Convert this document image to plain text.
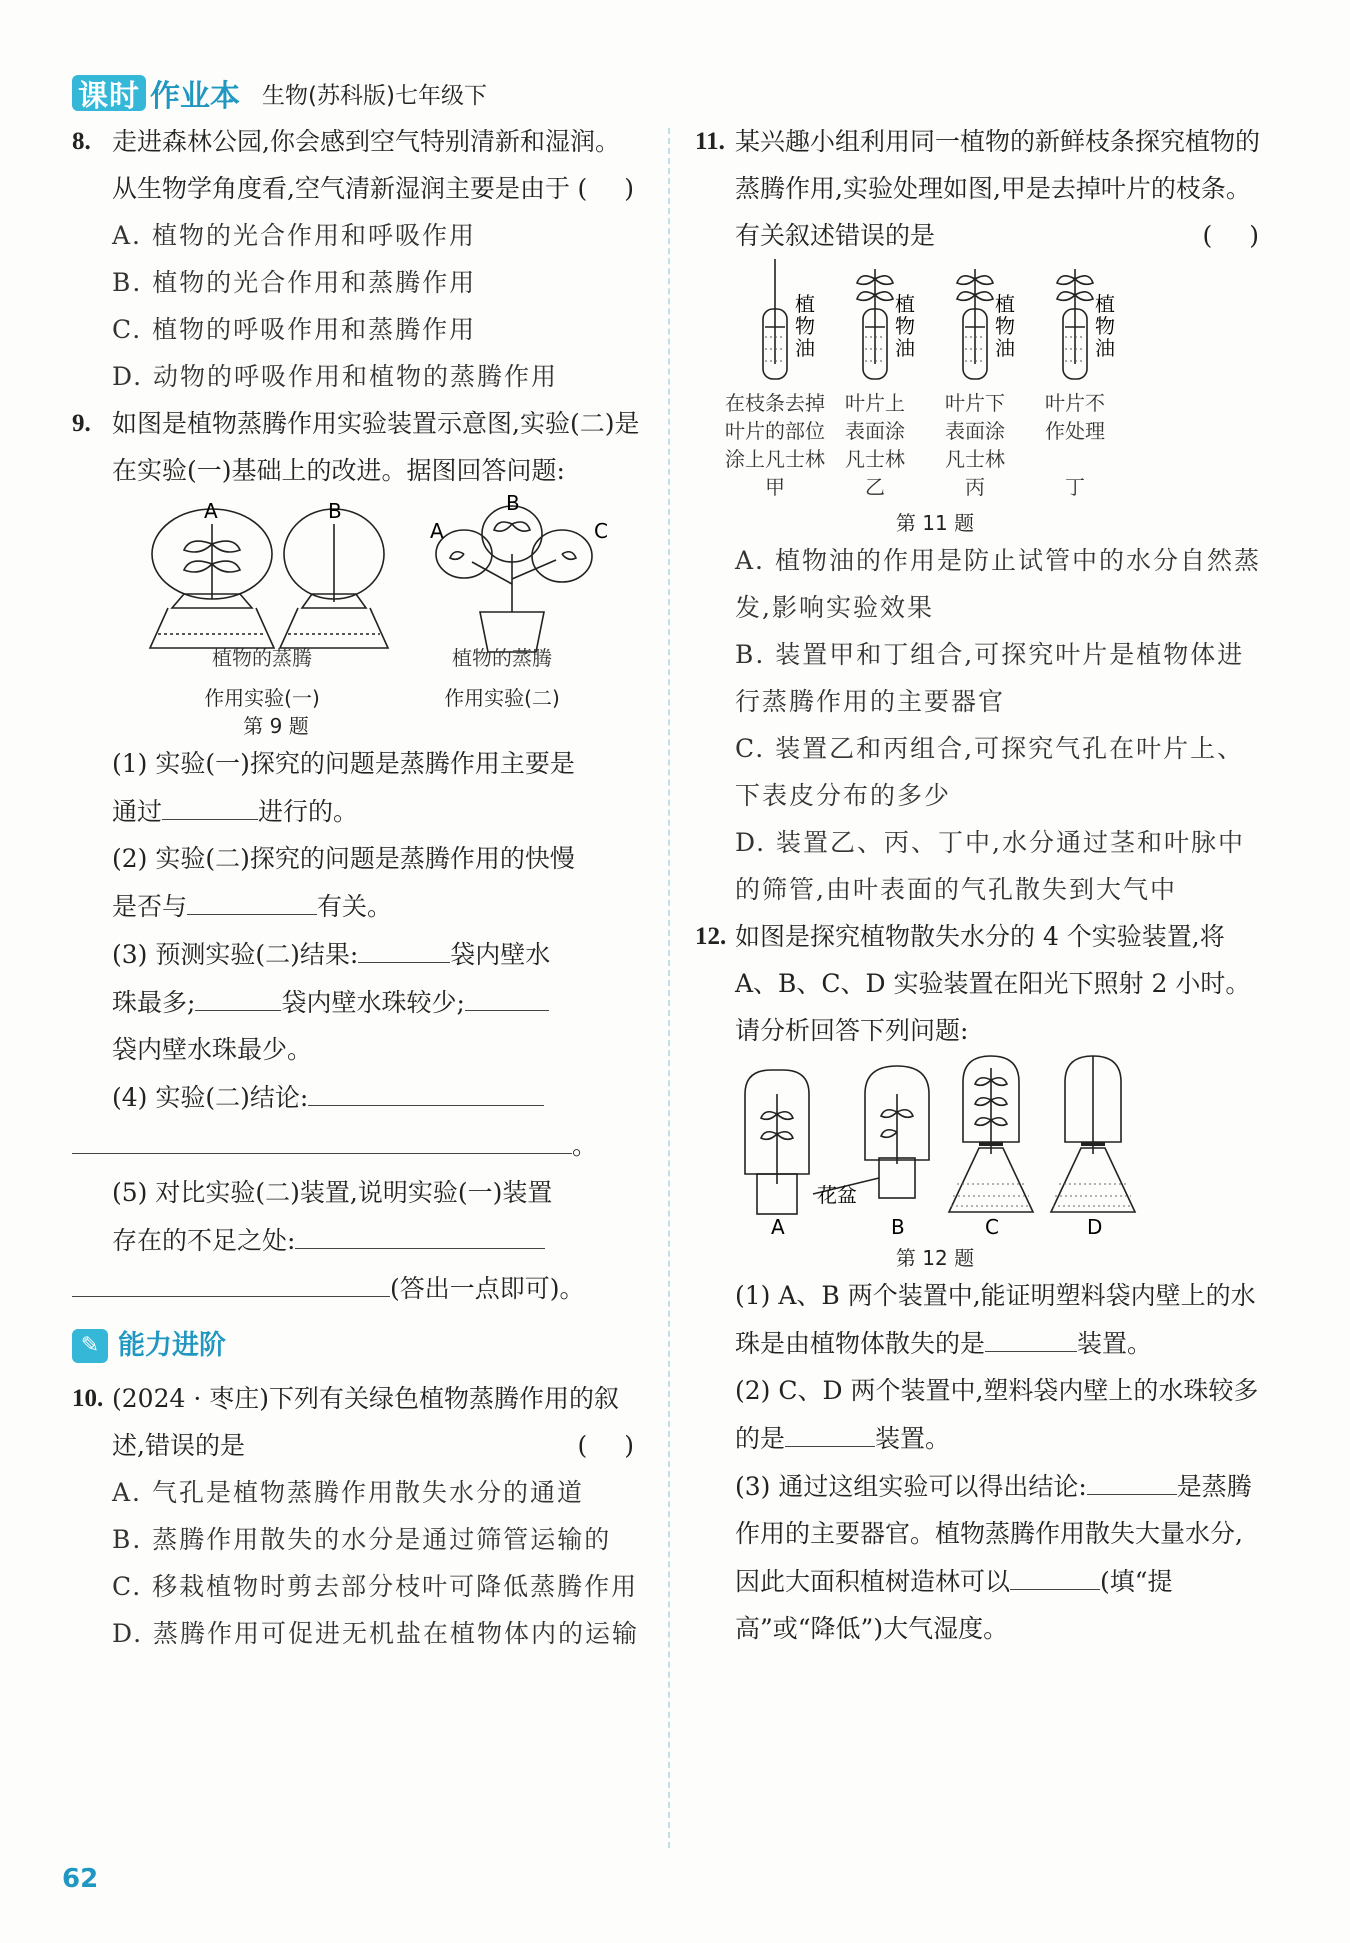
课时 作业本 生物(苏科版)七年级下
8. 走进森林公园,你会感到空气特别清新和湿润。从生物学角度看,空气清新湿润主要是由于 (　)
A. 植物的光合作用和呼吸作用
B. 植物的光合作用和蒸腾作用
C. 植物的呼吸作用和蒸腾作用
D. 动物的呼吸作用和植物的蒸腾作用
9. 如图是植物蒸腾作用实验装置示意图,实验(二)是在实验(一)基础上的改进。据图回答问题:
A	B	B
A	C
植物的蒸腾	植物的蒸腾
作用实验(一)	作用实验(二)
第 9 题
(1) 实验(一)探究的问题是蒸腾作用主要是
通过	进行的。
(2) 实验(二)探究的问题是蒸腾作用的快慢
是否与	有关。
(3) 预测实验(二)结果:	袋内壁水
珠最多;	袋内壁水珠较少;
袋内壁水珠最少。
(4) 实验(二)结论:
。
(5) 对比实验(二)装置,说明实验(一)装置
存在的不足之处:
(答出一点即可)。
✎ 能力进阶
10. (2024 · 枣庄)下列有关绿色植物蒸腾作用的叙述,错误的是	(　)
A. 气孔是植物蒸腾作用散失水分的通道
B. 蒸腾作用散失的水分是通过筛管运输的
C. 移栽植物时剪去部分枝叶可降低蒸腾作用
D. 蒸腾作用可促进无机盐在植物体内的运输
11. 某兴趣小组利用同一植物的新鲜枝条探究植物的蒸腾作用,实验处理如图,甲是去掉叶片的枝条。有关叙述错误的是	(　)
植
物
油
植
物
油
植
物
油
植
物
油
在枝条去掉
叶片的部位
涂上凡士林
甲
叶片上
表面涂
凡士林
乙
叶片下
表面涂
凡士林
丙
叶片不
作处理

丁
第 11 题
A. 植物油的作用是防止试管中的水分自然蒸发,影响实验效果
B. 装置甲和丁组合,可探究叶片是植物体进行蒸腾作用的主要器官
C. 装置乙和丙组合,可探究气孔在叶片上、下表皮分布的多少
D. 装置乙、丙、丁中,水分通过茎和叶脉中的筛管,由叶表面的气孔散失到大气中
12. 如图是探究植物散失水分的 4 个实验装置,将 A、B、C、D 实验装置在阳光下照射 2 小时。请分析回答下列问题:
A	B	C	D
花盆
第 12 题
(1) A、B 两个装置中,能证明塑料袋内壁上的水珠是由植物体散失的是	装置。
(2) C、D 两个装置中,塑料袋内壁上的水珠较多的是	装置。
(3) 通过这组实验可以得出结论:	是蒸腾作用的主要器官。植物蒸腾作用散失大量水分,因此大面积植树造林可以	(填“提高”或“降低”)大气湿度。
62
